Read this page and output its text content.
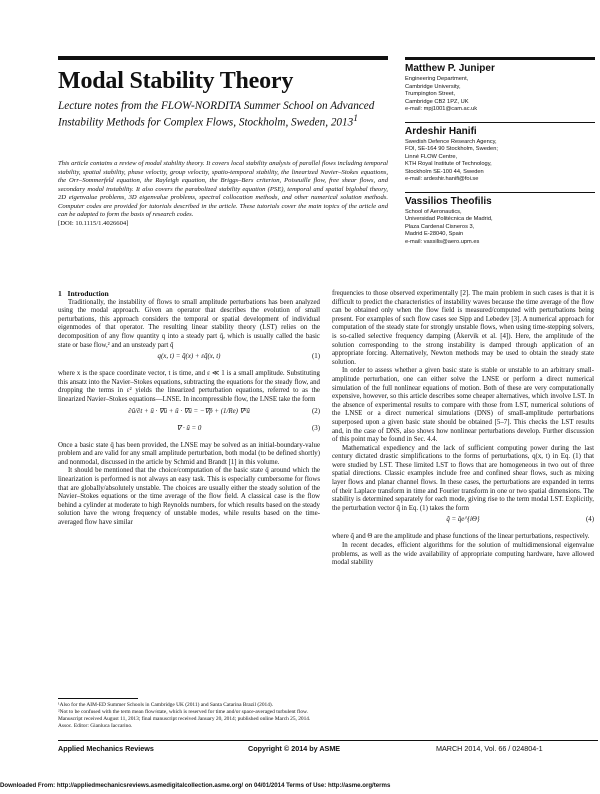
Modal Stability Theory
Lecture notes from the FLOW-NORDITA Summer School on Advanced Instability Methods for Complex Flows, Stockholm, Sweden, 2013$^1$
This article contains a review of modal stability theory. It covers local stability analysis of parallel flows including temporal stability, spatial stability, phase velocity, group velocity, spatio-temporal stability, the linearized Navier–Stokes equations, the Orr–Sommerfeld equation, the Rayleigh equation, the Briggs–Bers criterion, Poiseuille flow, free shear flows, and secondary modal instability. It also covers the parabolized stability equation (PSE), temporal and spatial biglobal theory, 2D eigenvalue problems, 3D eigenvalue problems, spectral collocation methods, and other numerical solution methods. Computer codes are provided for tutorials described in the article. These tutorials cover the main topics of the article and can be adapted to form the basis of research codes.
[DOI: 10.1115/1.4026604]
Matthew P. Juniper
Engineering Department,
Cambridge University,
Trumpington Street,
Cambridge CB2 1PZ, UK
e-mail: mpj1001@cam.ac.uk
Ardeshir Hanifi
Swedish Defence Research Agency,
FOI, SE-164 90 Stockholm, Sweden;
Linné FLOW Centre,
KTH Royal Institute of Technology,
Stockholm SE-100 44, Sweden
e-mail: ardeshir.hanifi@foi.se
Vassilios Theofilis
School of Aeronautics,
Universidad Politécnica de Madrid,
Plaza Cardenal Cisneros 3,
Madrid E-28040, Spain
e-mail: vassilis@aero.upm.es

1 Introduction

Traditionally, the instability of flows to small amplitude perturbations has been analyzed using the modal approach. Given an operator that describes the evolution of small perturbations, this approach considers the temporal or spatial development of individual eigenmodes of that operator. The resulting linear stability theory (LST) relies on the decomposition of any flow quantity q into a steady part q̄, which is usually called the basic state or base flow,² and an unsteady part q̃

q(x, t) = q̄(x) + εq̃(x, t)	(1)

where x is the space coordinate vector, t is time, and ε ≪ 1 is a small amplitude. Substituting this ansatz into the Navier–Stokes equations, subtracting the equations for the steady flow, and dropping the terms in ε² yields the linearized perturbation equations, referred to as the linearized Navier–Stokes equations—LNSE. In incompressible flow, the LNSE take the form

∂ũ/∂t + ū · ∇ũ + ũ · ∇ū = −∇p̃ + (1/Re) ∇²ũ	(2)
∇ · ũ = 0	(3)

Once a basic state q̄ has been provided, the LNSE may be solved as an initial-boundary-value problem and are valid for any small amplitude perturbation, both modal (to be defined shortly) and nonmodal, discussed in the article by Schmid and Brandt [1] in this volume.

It should be mentioned that the choice/computation of the basic state q̄ around which the linearization is performed is not always an easy task. This is especially cumbersome for flows that are globally/absolutely unstable. The choices are usually either the steady solution of the Navier–Stokes equations or the time average of the flow field. A classical case is the flow behind a cylinder at moderate to high Reynolds numbers, for which results based on the steady solution have the wrong frequency of unstable modes, while results based on the time-averaged flow have similar

¹Also for the AIM-ED Summer Schools in Cambridge UK (2011) and Santa Catarina Brazil (2014).
²Not to be confused with the term mean flow/state, which is reserved for time and/or space-averaged turbulent flow.
Manuscript received August 11, 2013; final manuscript received January 20, 2014; published online March 25, 2014. Assoc. Editor: Gianluca Iaccarino.

frequencies to those observed experimentally [2]. The main problem in such cases is that it is difficult to predict the characteristics of instability waves because the time average of the flow can be obtained only when the flow field is measured/computed with perturbations being present. For examples of such flow cases see Sipp and Lebedev [3]. A numerical approach for computation of the steady state for strongly unstable flows, when using time-stepping solvers, is so-called selective frequency damping (Åkervik et al. [4]). Here, the amplitude of the solution corresponding to the strong instability is damped through application of an appropriate forcing. Alternatively, Newton methods may be used to obtain the steady state solution.

In order to assess whether a given basic state is stable or unstable to an arbitrary small-amplitude perturbation, one can either solve the LNSE or perform a direct numerical simulation of the full nonlinear equations of motion. Both of these are very computationally expensive, however, so this article describes some cheaper alternatives, which involve LST. In the absence of experimental results to compare with those from LST, numerical solutions of the LNSE or a direct numerical simulations (DNS) of small-amplitude perturbations superposed upon a given basic state should be obtained [5–7]. This checks the LST results and, in the case of DNS, also shows how nonlinear perturbations develop. Further discussion of this point may be found in Sec. 4.4.

Mathematical expediency and the lack of sufficient computing power during the last century dictated drastic simplifications to the forms of perturbations, q(x, t) in Eq. (1) that were studied by LST. These limited LST to flows that are homogeneous in two out of three spatial directions. Classic examples include free and confined shear flows, such as mixing layer flows and planar channel flows. In these cases, the perturbations are expanded in terms of their Laplace transform in time and Fourier transform in one or two spatial dimensions. The stability is determined separately for each mode, giving rise to the term modal LST. Explicitly, the perturbation vector q̃ in Eq. (1) takes the form

q̃ = q̂e^{iΘ}	(4)

where q̂ and Θ are the amplitude and phase functions of the linear perturbations, respectively.

In recent decades, efficient algorithms for the solution of multidimensional eigenvalue problems, as well as the wide availability of appropriate computing hardware, have allowed modal stability

Applied Mechanics Reviews	Copyright © 2014 by ASME	MARCH 2014, Vol. 66 / 024804-1
Downloaded From: http://appliedmechanicsreviews.asmedigitalcollection.asme.org/ on 04/01/2014 Terms of Use: http://asme.org/terms
